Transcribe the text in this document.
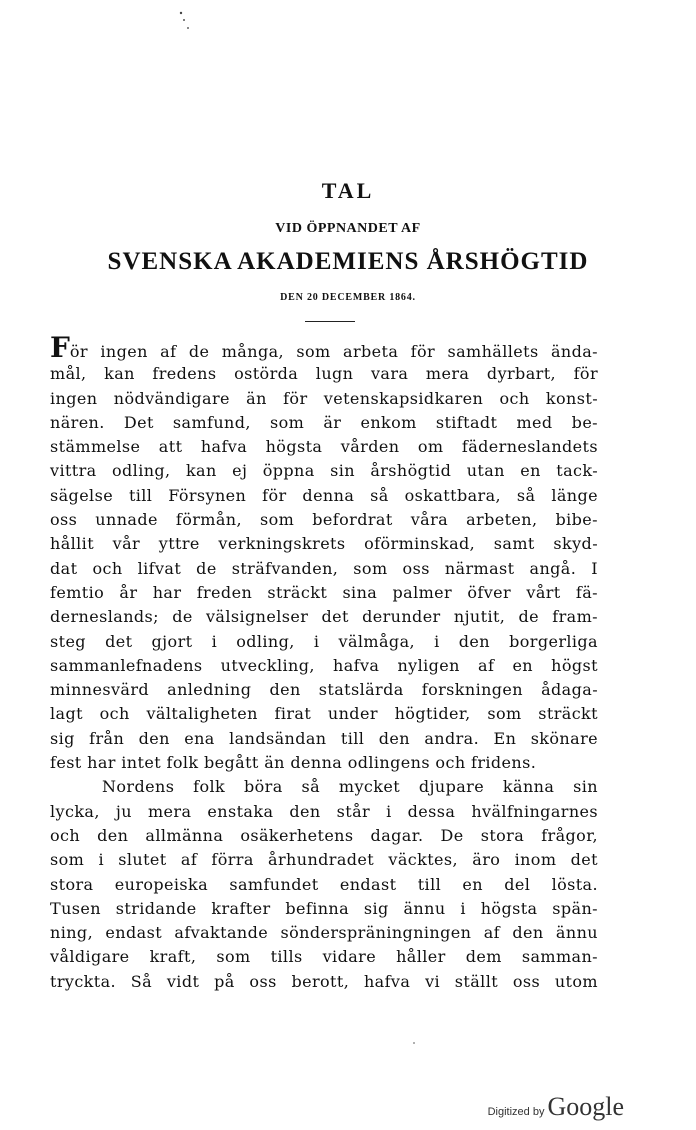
TAL
VID ÖPPNANDET AF
SVENSKA AKADEMIENS ÅRSHÖGTID
DEN 20 DECEMBER 1864.
För ingen af de många, som arbeta för samhällets ända-
mål, kan fredens ostörda lugn vara mera dyrbart, för
ingen nödvändigare än för vetenskapsidkaren och konst-
nären. Det samfund, som är enkom stiftadt med be-
stämmelse att hafva högsta vården om fäderneslandets
vittra odling, kan ej öppna sin årshögtid utan en tack-
sägelse till Försynen för denna så oskattbara, så länge
oss unnade förmån, som befordrat våra arbeten, bibe-
hållit vår yttre verkningskrets oförminskad, samt skyd-
dat och lifvat de sträfvanden, som oss närmast angå. I
femtio år har freden sträckt sina palmer öfver vårt fä-
derneslands; de välsignelser det derunder njutit, de fram-
steg det gjort i odling, i välmåga, i den borgerliga
sammanlefnadens utveckling, hafva nyligen af en högst
minnesvärd anledning den statslärda forskningen ådaga-
lagt och vältaligheten firat under högtider, som sträckt
sig från den ena landsändan till den andra. En skönare
fest har intet folk begått än denna odlingens och fridens.
Nordens folk böra så mycket djupare känna sin
lycka, ju mera enstaka den står i dessa hvälfningarnes
och den allmänna osäkerhetens dagar. De stora frågor,
som i slutet af förra århundradet väcktes, äro inom det
stora europeiska samfundet endast till en del lösta.
Tusen stridande krafter befinna sig ännu i högsta spän-
ning, endast afvaktande sönderspräningningen af den ännu
våldigare kraft, som tills vidare håller dem samman-
tryckta. Så vidt på oss berott, hafva vi ställt oss utom
Digitized by Google
